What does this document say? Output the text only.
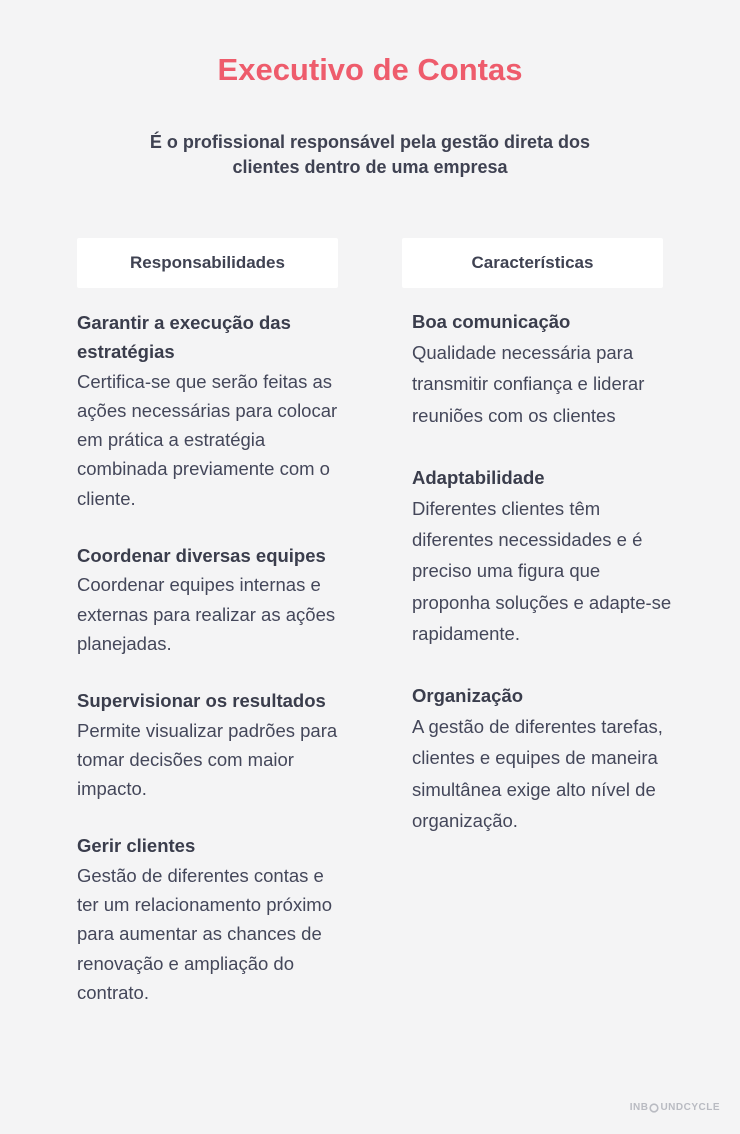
Executivo de Contas

É o profissional responsável pela gestão direta dos clientes dentro de uma empresa

Responsabilidades	Características
Garantir a execução das estratégias
Certifica-se que serão feitas as ações necessárias para colocar em prática a estratégia combinada previamente com o cliente.
Coordenar diversas equipes
Coordenar equipes internas e externas para realizar as ações planejadas.
Supervisionar os resultados
Permite visualizar padrões para tomar decisões com maior impacto.
Gerir clientes
Gestão de diferentes contas e ter um relacionamento próximo para aumentar as chances de renovação e ampliação do contrato.
Boa comunicação
Qualidade necessária para transmitir confiança e liderar reuniões com os clientes
Adaptabilidade
Diferentes clientes têm diferentes necessidades e é preciso uma figura que proponha soluções e adapte-se rapidamente.
Organização
A gestão de diferentes tarefas, clientes e equipes de maneira simultânea exige alto nível de organização.
INB UNDCYCLE
